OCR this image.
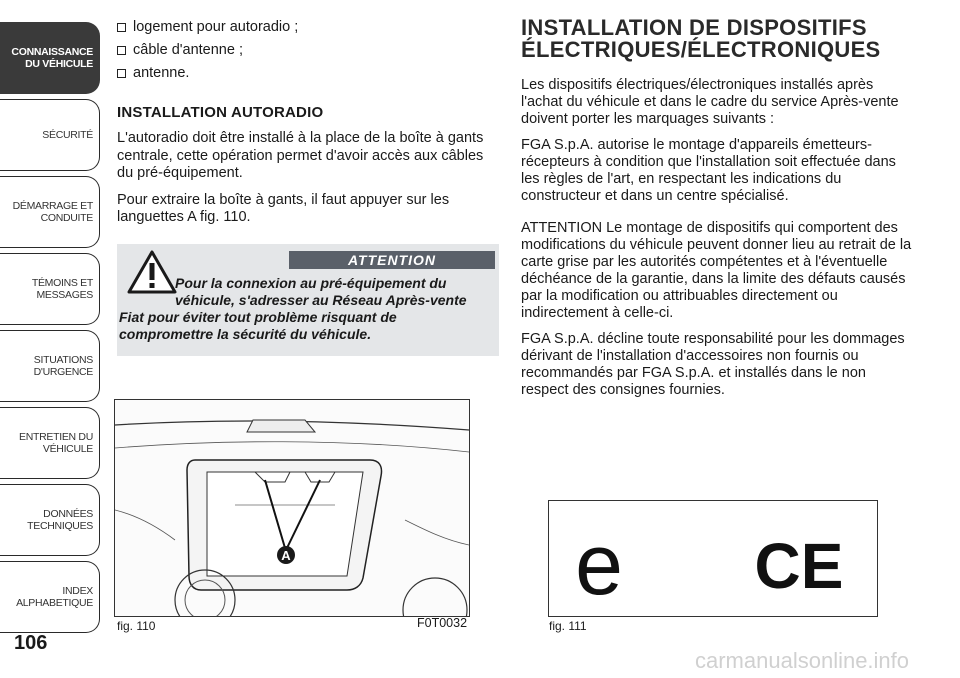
CONNAISSANCE
DU VÉHICULE
SÉCURITÉ
DÉMARRAGE ET
CONDUITE
TÉMOINS ET
MESSAGES
SITUATIONS
D'URGENCE
ENTRETIEN DU
VÉHICULE
DONNÉES
TECHNIQUES
INDEX
ALPHABETIQUE
106
logement pour autoradio ;
câble d'antenne ;
antenne.
INSTALLATION AUTORADIO

L'autoradio doit être installé à la place de la boîte à gants centrale, cette opération permet d'avoir accès aux câbles du pré-équipement.

Pour extraire la boîte à gants, il faut appuyer sur les languettes A fig. 110.

ATTENTION
Pour la connexion au pré-équipement du
véhicule, s'adresser au Réseau Après-vente
Fiat pour éviter tout problème risquant de
compromettre la sécurité du véhicule.
A
fig. 110	F0T0032
INSTALLATION DE DISPOSITIFS
ÉLECTRIQUES/ÉLECTRONIQUES

Les dispositifs électriques/électroniques installés après l'achat du véhicule et dans le cadre du service Après-vente doivent porter les marquages suivants :

FGA S.p.A. autorise le montage d'appareils émetteurs-récepteurs à condition que l'installation soit effectuée dans les règles de l'art, en respectant les indications du constructeur et dans un centre spécialisé.

ATTENTION Le montage de dispositifs qui comportent des modifications du véhicule peuvent donner lieu au retrait de la carte grise par les autorités compétentes et à l'éventuelle déchéance de la garantie, dans la limite des défauts causés par la modification ou attribuables directement ou indirectement à celle-ci.

FGA S.p.A. décline toute responsabilité pour les dommages dérivant de l'installation d'accessoires non fournis ou recommandés par FGA S.p.A. et installés dans le non respect des consignes fournies.

e CE
fig. 111
carmanualsonline.info
